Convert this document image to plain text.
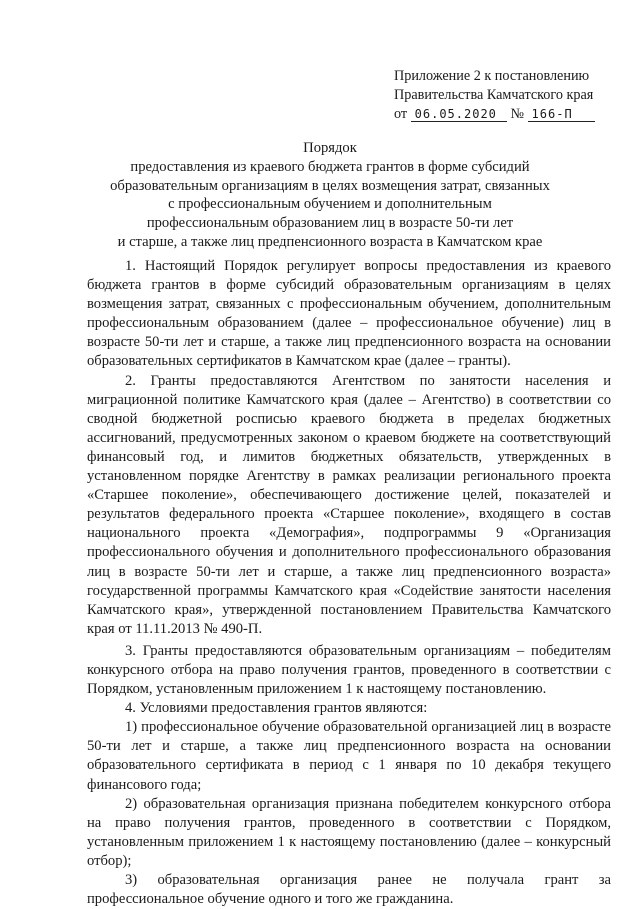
Приложение 2 к постановлению
Правительства Камчатского края
от 06.05.2020 № 166-П
Порядок
предоставления из краевого бюджета грантов в форме субсидий
образовательным организациям в целях возмещения затрат, связанных
с профессиональным обучением и дополнительным
профессиональным образованием лиц в возрасте 50-ти лет
и старше, а также лиц предпенсионного возраста в Камчатском крае

1. Настоящий Порядок регулирует вопросы предоставления из краевого бюджета грантов в форме субсидий образовательным организациям в целях возмещения затрат, связанных с профессиональным обучением, дополнительным профессиональным образованием (далее – профессиональное обучение) лиц в возрасте 50-ти лет и старше, а также лиц предпенсионного возраста на основании образовательных сертификатов в Камчатском крае (далее – гранты).

2. Гранты предоставляются Агентством по занятости населения и миграционной политике Камчатского края (далее – Агентство) в соответствии со сводной бюджетной росписью краевого бюджета в пределах бюджетных ассигнований, предусмотренных законом о краевом бюджете на соответствующий финансовый год, и лимитов бюджетных обязательств, утвержденных в установленном порядке Агентству в рамках реализации регионального проекта «Старшее поколение», обеспечивающего достижение целей, показателей и результатов федерального проекта «Старшее поколение», входящего в состав национального проекта «Демография», подпрограммы 9 «Организация профессионального обучения и дополнительного профессионального образования лиц в возрасте 50-ти лет и старше, а также лиц предпенсионного возраста» государственной программы Камчатского края «Содействие занятости населения Камчатского края», утвержденной постановлением Правительства Камчатского края от 11.11.2013 № 490-П.

3. Гранты предоставляются образовательным организациям – победителям конкурсного отбора на право получения грантов, проведенного в соответствии с Порядком, установленным приложением 1 к настоящему постановлению.

4. Условиями предоставления грантов являются:

1) профессиональное обучение образовательной организацией лиц в возрасте 50-ти лет и старше, а также лиц предпенсионного возраста на основании образовательного сертификата в период с 1 января по 10 декабря текущего финансового года;

2) образовательная организация признана победителем конкурсного отбора на право получения грантов, проведенного в соответствии с Порядком, установленным приложением 1 к настоящему постановлению (далее – конкурсный отбор);

3) образовательная организация ранее не получала грант за профессиональное обучение одного и того же гражданина.
